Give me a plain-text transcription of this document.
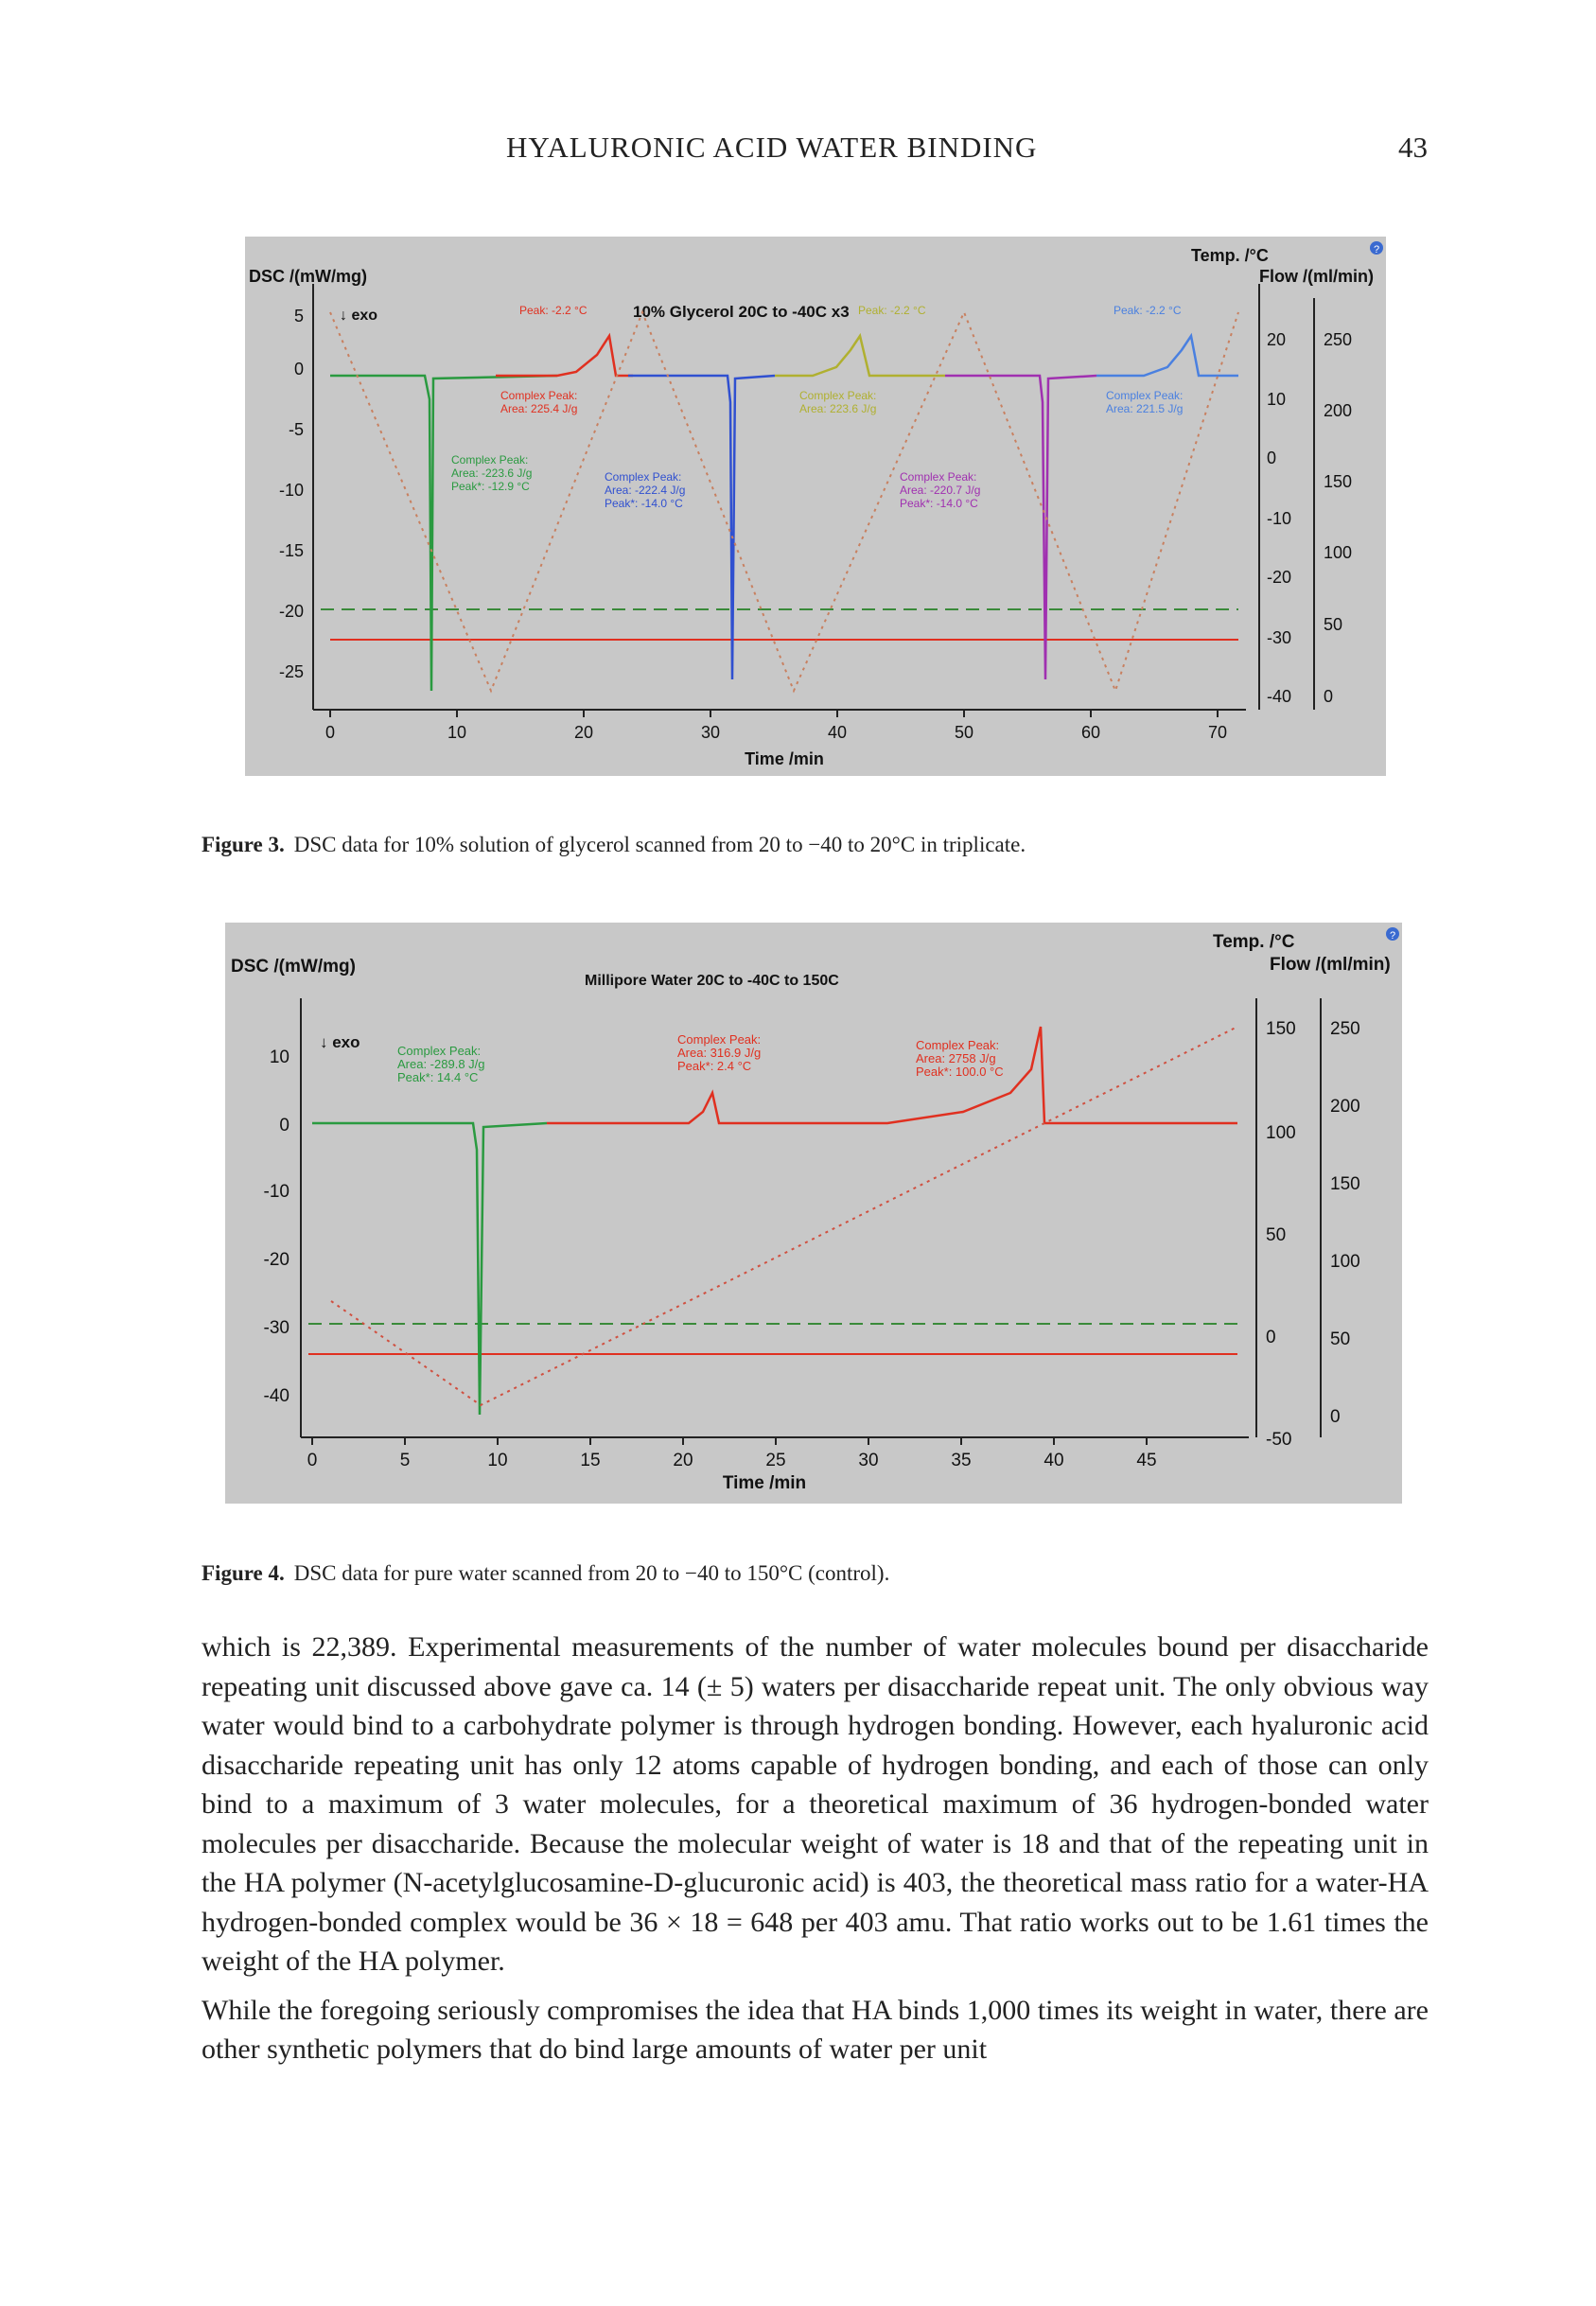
HYALURONIC ACID WATER BINDING	43
0	10	20	30	40	50	60	70
Time /min
5
0
-5
-10
-15
-20
-25
DSC /(mW/mg)
↓ exo
Temp. /°C
Flow /(ml/min)
?
20
10
0
-10
-20
-30
-40
250
200
150
100
50
0
10% Glycerol 20C to -40C x3
Peak: -2.2 °C
Complex Peak:
Area: 225.4 J/g
Complex Peak:
Area: -223.6 J/g
Peak*: -12.9 °C
Complex Peak:
Area: -222.4 J/g
Peak*: -14.0 °C
Peak: -2.2 °C
Complex Peak:
Area: 223.6 J/g
Complex Peak:
Area: -220.7 J/g
Peak*: -14.0 °C
Peak: -2.2 °C
Complex Peak:
Area: 221.5 J/g
Figure 3. DSC data for 10% solution of glycerol scanned from 20 to −40 to 20°C in triplicate.
0	5	10	15	20	25	30	35	40	45
Time /min
10
0
-10
-20
-30
-40
DSC /(mW/mg)
↓ exo
Temp. /°C
Flow /(ml/min)
?
150
100
50
0
-50
250
200
150
100
50
0
Millipore Water 20C to -40C to 150C
Complex Peak:
Area: -289.8 J/g
Peak*: 14.4 °C
Complex Peak:
Area: 316.9 J/g
Peak*: 2.4 °C
Complex Peak:
Area: 2758 J/g
Peak*: 100.0 °C
Figure 4. DSC data for pure water scanned from 20 to −40 to 150°C (control).

which is 22,389. Experimental measurements of the number of water molecules bound per disaccharide repeating unit discussed above gave ca. 14 (± 5) waters per disaccharide repeat unit. The only obvious way water would bind to a carbohydrate polymer is through hydrogen bonding. However, each hyaluronic acid disaccharide repeating unit has only 12 atoms capable of hydrogen bonding, and each of those can only bind to a maximum of 3 water molecules, for a theoretical maximum of 36 hydrogen-bonded water molecules per disaccharide. Because the molecular weight of water is 18 and that of the repeating unit in the HA polymer (N-acetylglucosamine-D-glucuronic acid) is 403, the theoretical mass ratio for a water-HA hydrogen-bonded complex would be 36 × 18 = 648 per 403 amu. That ratio works out to be 1.61 times the weight of the HA polymer.

While the foregoing seriously compromises the idea that HA binds 1,000 times its weight in water, there are other synthetic polymers that do bind large amounts of water per unit
